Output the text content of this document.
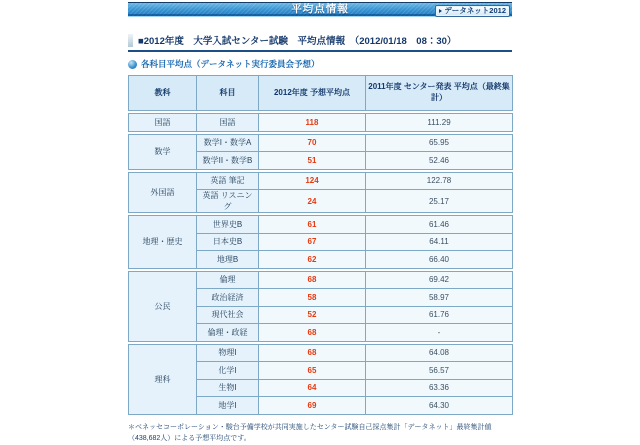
平均点情報	データネット2012
■2012年度　大学入試センター試験　平均点情報　（2012/01/18　08：30）
各科目平均点（データネット実行委員会予想）
教科	科目	2012年度 予想平均点	2011年度 センター発表 平均点（最終集計）
国語	国語	118	111.29
数学	数学I・数学A	70	65.95
	数学II・数学B	51	52.46
外国語	英語 筆記	124	122.78
	英語 リスニング	24	25.17
地理・歴史	世界史B	61	61.46
	日本史B	67	64.11
	地理B	62	66.40
公民	倫理	68	69.42
	政治経済	58	58.97
	現代社会	52	61.76
	倫理・政経	68	-
理科	物理I	68	64.08
	化学I	65	56.57
	生物I	64	63.36
	地学I	69	64.30

＊ベネッセコーポレーション・駿台予備学校が共同実施したセンター試験自己採点集計「データネット」最終集計値（438,682人）による予想平均点です。
